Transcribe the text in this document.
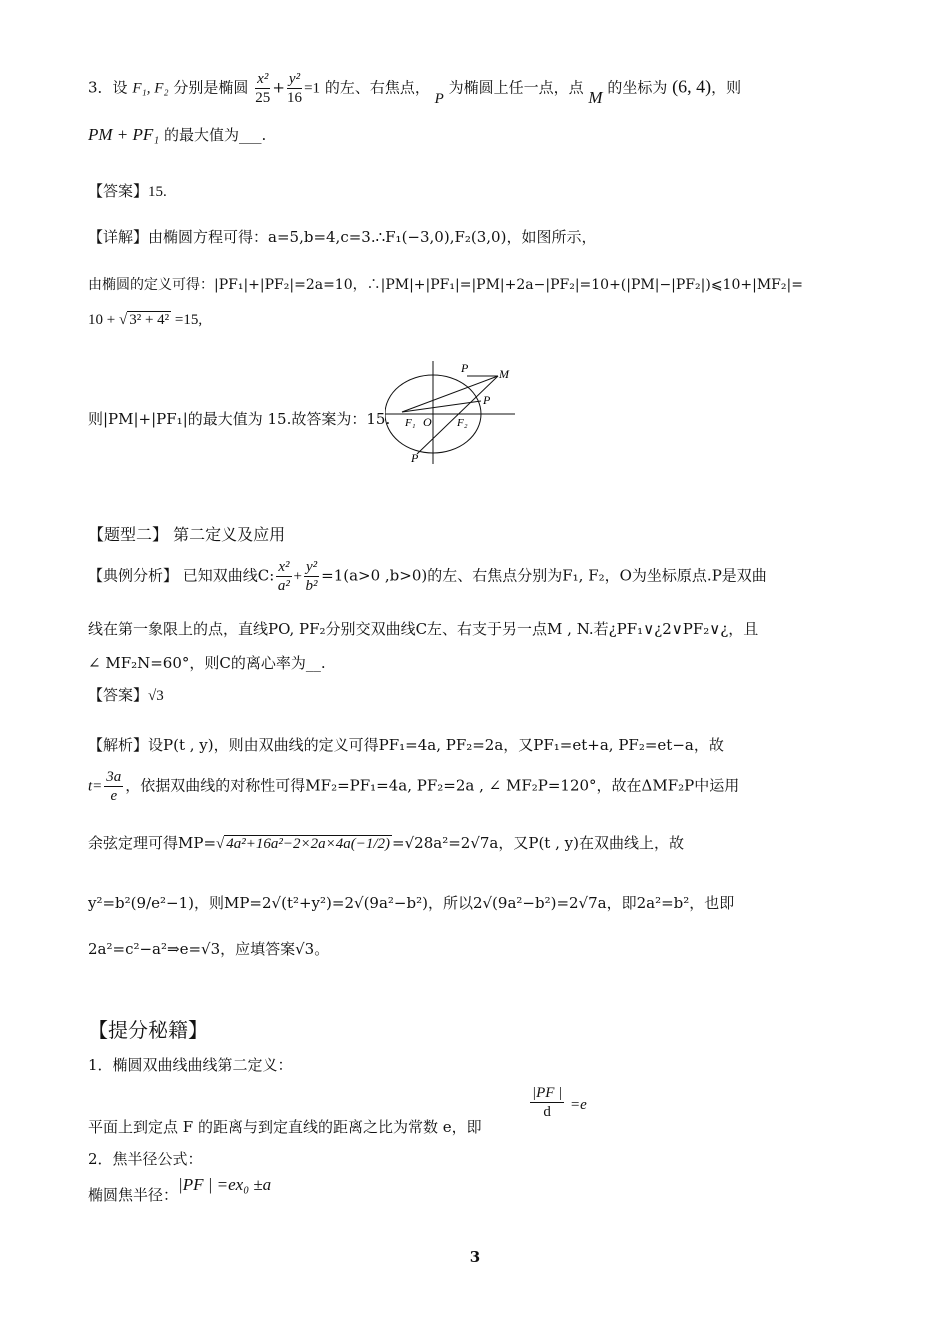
3．设 F₁, F₂ 分别是椭圆 $\frac{\text{x²}}{25} + \frac{\text{y²}}{16} =1$ 的左、右焦点， P 为椭圆上任一点，点 M 的坐标为 (6, 4)，则
PM + PF₁ 的最大值为___.
【答案】15.
【详解】由椭圆方程可得：a=5,b=4,c=3.∴F₁(−3,0),F₂(3,0)，如图所示，
由椭圆的定义可得：|PF₁|+|PF₂|=2a=10，∴|PM|+|PF₁|=|PM|+2a−|PF₂|=10+(|PM|−|PF₂|)⩽10+|MF₂|=
10 + √ 3² + 4² =15,
则|PM|+|PF₁|的最大值为 15.故答案为：15.
P	M
P
F₁ O F₂
P
【题型二】 第二定义及应用
【典例分析】 已知双曲线C: $\frac{\text{x²}}{\text{a²}} + \frac{\text{y²}}{\text{b²}} =1(a>0$ ,b>0)的左、右焦点分别为F₁, F₂，O为坐标原点.P是双曲
线在第一象限上的点，直线PO, PF₂分别交双曲线C左、右支于另一点M , N.若¿PF₁∨¿2∨PF₂∨¿，且
∠ MF₂N=60°，则C的离心率为__.
【答案】√3
【解析】设P(t , y)，则由双曲线的定义可得PF₁=4a, PF₂=2a，又PF₁=et+a, PF₂=et−a，故
$t= \frac{3a}{e}$ ，依据双曲线的对称性可得MF₂=PF₁=4a, PF₂=2a , ∠ MF₂P=120°，故在ΔMF₂P中运用
余弦定理可得MP=√ 4a²+16a²−2×2a×4a(−1/2) =√28a²=2√7a，又P(t , y)在双曲线上，故
y²=b²(9/e²−1)，则MP=2√(t²+y²)=2√(9a²−b²)，所以2√(9a²−b²)=2√7a，即2a²=b²，也即
2a²=c²−a²⇒e=√3，应填答案√3。
【提分秘籍】
1．椭圆双曲线曲线第二定义：
$\frac{|PF |}{d} =e$
平面上到定点 F 的距离与到定直线的距离之比为常数 e，即
2．焦半径公式：
椭圆焦半径：|PF | =ex₀ ±a
3
